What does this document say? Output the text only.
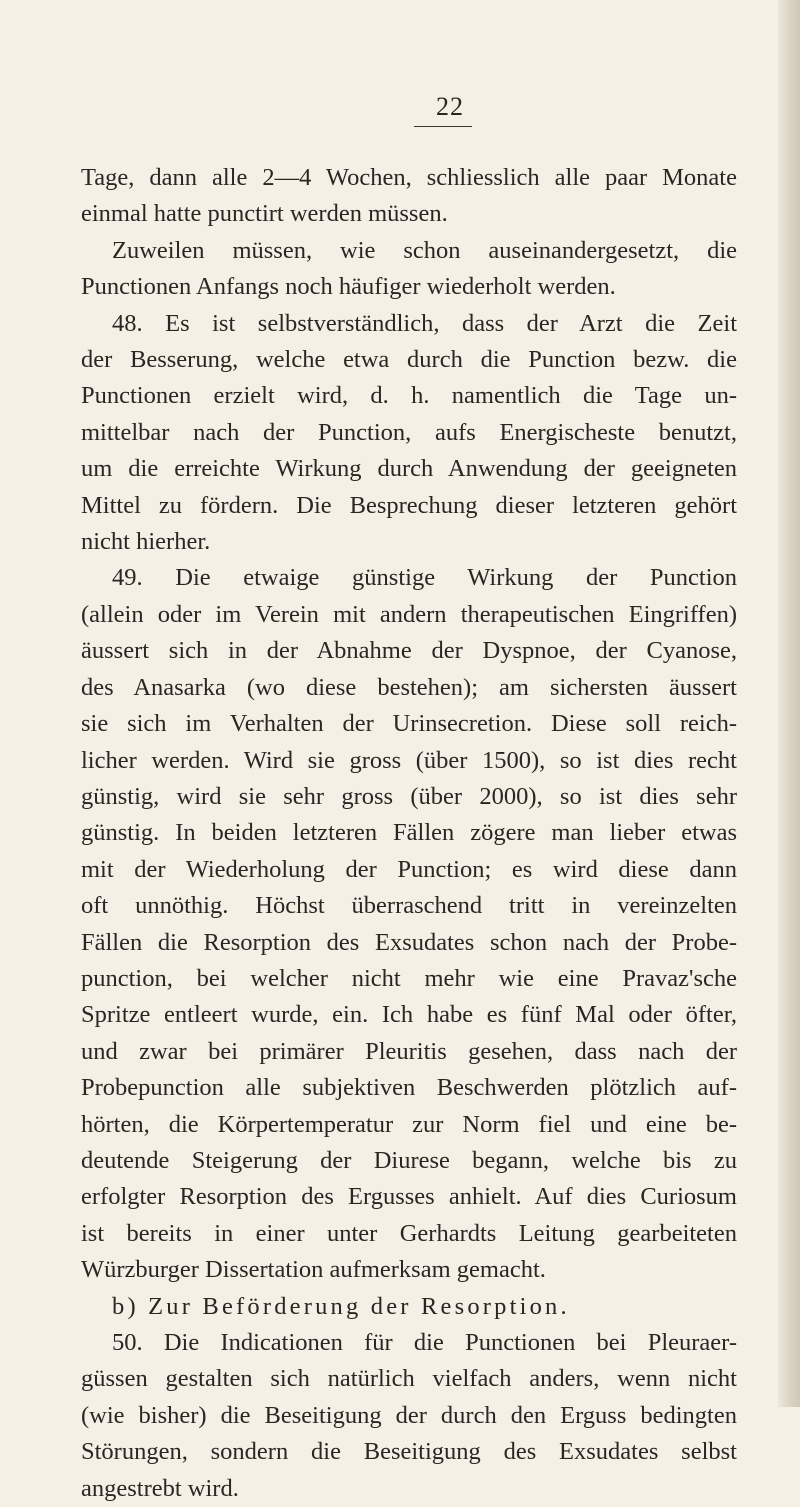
22
Tage, dann alle 2—4 Wochen, schliesslich alle paar Monate
einmal hatte punctirt werden müssen.
Zuweilen müssen, wie schon auseinandergesetzt, die
Punctionen Anfangs noch häufiger wiederholt werden.
48. Es ist selbstverständlich, dass der Arzt die Zeit
der Besserung, welche etwa durch die Punction bezw. die
Punctionen erzielt wird, d. h. namentlich die Tage un-
mittelbar nach der Punction, aufs Energischeste benutzt,
um die erreichte Wirkung durch Anwendung der geeigneten
Mittel zu fördern. Die Besprechung dieser letzteren gehört
nicht hierher.
49. Die etwaige günstige Wirkung der Punction
(allein oder im Verein mit andern therapeutischen Eingriffen)
äussert sich in der Abnahme der Dyspnoe, der Cyanose,
des Anasarka (wo diese bestehen); am sichersten äussert
sie sich im Verhalten der Urinsecretion. Diese soll reich-
licher werden. Wird sie gross (über 1500), so ist dies recht
günstig, wird sie sehr gross (über 2000), so ist dies sehr
günstig. In beiden letzteren Fällen zögere man lieber etwas
mit der Wiederholung der Punction; es wird diese dann
oft unnöthig. Höchst überraschend tritt in vereinzelten
Fällen die Resorption des Exsudates schon nach der Probe-
punction, bei welcher nicht mehr wie eine Pravaz'sche
Spritze entleert wurde, ein. Ich habe es fünf Mal oder öfter,
und zwar bei primärer Pleuritis gesehen, dass nach der
Probepunction alle subjektiven Beschwerden plötzlich auf-
hörten, die Körpertemperatur zur Norm fiel und eine be-
deutende Steigerung der Diurese begann, welche bis zu
erfolgter Resorption des Ergusses anhielt. Auf dies Curiosum
ist bereits in einer unter Gerhardts Leitung gearbeiteten
Würzburger Dissertation aufmerksam gemacht.
b) Zur Beförderung der Resorption.
50. Die Indicationen für die Punctionen bei Pleuraer-
güssen gestalten sich natürlich vielfach anders, wenn nicht
(wie bisher) die Beseitigung der durch den Erguss bedingten
Störungen, sondern die Beseitigung des Exsudates selbst
angestrebt wird.
